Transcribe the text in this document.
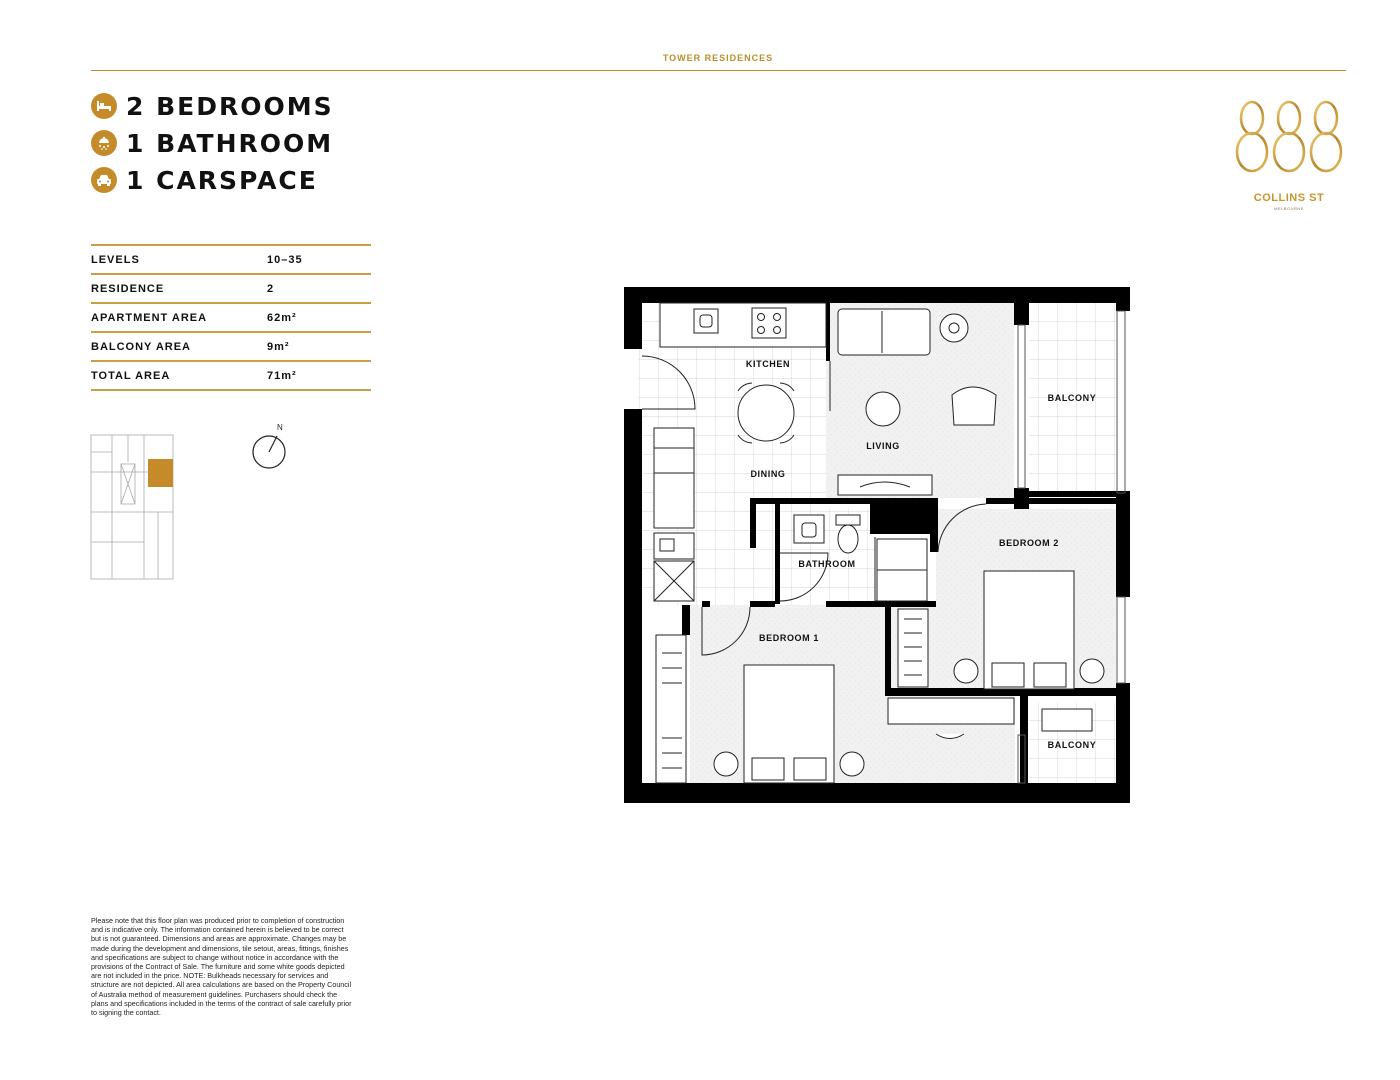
TOWER RESIDENCES
2 BEDROOMS
1 BATHROOM
1 CARSPACE
LEVELS	10–35
RESIDENCE	2
APARTMENT AREA	62m²
BALCONY AREA	9m²
TOTAL AREA	71m²
COLLINS ST
MELBOURNE
N
KITCHEN
LIVING
DINING
BALCONY
BEDROOM 2
BATHROOM
BEDROOM 1
BALCONY
Please note that this floor plan was produced prior to completion of construction and is indicative only. The information contained herein is believed to be correct but is not guaranteed. Dimensions and areas are approximate. Changes may be made during the development and dimensions, tile setout, areas, fittings, finishes and specifications are subject to change without notice in accordance with the provisions of the Contract of Sale. The furniture and some white goods depicted are not included in the price. NOTE: Bulkheads necessary for services and structure are not depicted. All area calculations are based on the Property Council of Australia method of measurement guidelines. Purchasers should check the plans and specifications included in the terms of the contract of sale carefully prior to signing the contact.
